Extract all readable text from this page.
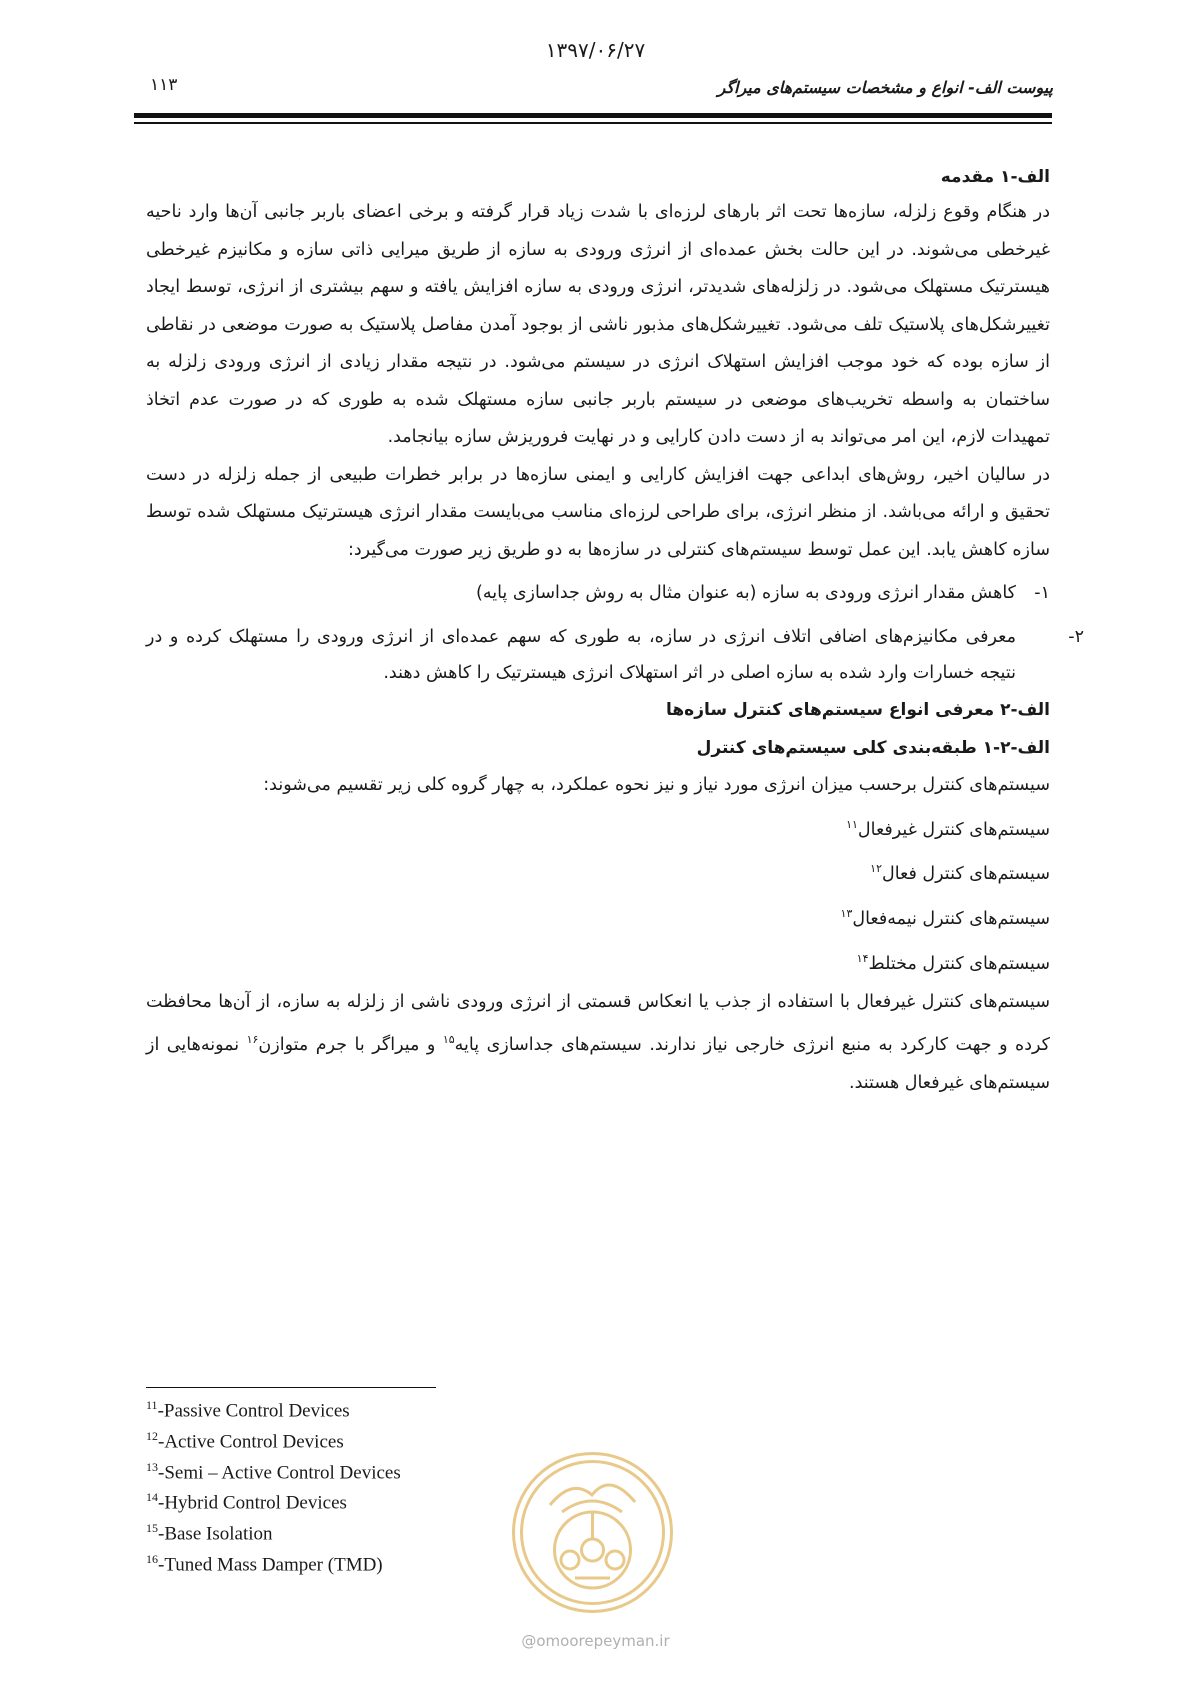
۱۳۹۷/۰۶/۲۷
۱۱۳	پیوست الف- انواع و مشخصات سیستم‌های میراگر

الف-۱ مقدمه

در هنگام وقوع زلزله، سازه‌ها تحت اثر بارهای لرزه‌ای با شدت زیاد قرار گرفته و برخی اعضای باربر جانبی آن‌ها وارد ناحیه غیرخطی می‌شوند. در این حالت بخش عمده‌ای از انرژی ورودی به سازه از طریق میرایی ذاتی سازه و مکانیزم غیرخطی هیسترتیک مستهلک می‌شود. در زلزله‌های شدیدتر، انرژی ورودی به سازه افزایش یافته و سهم بیشتری از انرژی، توسط ایجاد تغییرشکل‌های پلاستیک تلف می‌شود. تغییرشکل‌های مذبور ناشی از بوجود آمدن مفاصل پلاستیک به صورت موضعی در نقاطی از سازه بوده که خود موجب افزایش استهلاک انرژی در سیستم می‌شود. در نتیجه مقدار زیادی از انرژی ورودی زلزله به ساختمان به واسطه تخریب‌های موضعی در سیستم باربر جانبی سازه مستهلک شده به طوری که در صورت عدم اتخاذ تمهیدات لازم، این امر می‌تواند به از دست دادن کارایی و در نهایت فروریزش سازه بیانجامد.

در سالیان اخیر، روش‌های ابداعی جهت افزایش کارایی و ایمنی سازه‌ها در برابر خطرات طبیعی از جمله زلزله در دست تحقیق و ارائه می‌باشد. از منظر انرژی، برای طراحی لرزه‌ای مناسب می‌بایست مقدار انرژی هیسترتیک مستهلک شده توسط سازه کاهش یابد. این عمل توسط سیستم‌های کنترلی در سازه‌ها به دو طریق زیر صورت می‌گیرد:

۱-کاهش مقدار انرژی ورودی به سازه (به عنوان مثال به روش جداسازی پایه)

۲-معرفی مکانیزم‌های اضافی اتلاف انرژی در سازه، به طوری که سهم عمده‌ای از انرژی ورودی را مستهلک کرده و در نتیجه خسارات وارد شده به سازه اصلی در اثر استهلاک انرژی هیسترتیک را کاهش دهند.

الف-۲ معرفی انواع سیستم‌های کنترل سازه‌ها

الف-۲-۱ طبقه‌بندی کلی سیستم‌های کنترل

سیستم‌های کنترل برحسب میزان انرژی مورد نیاز و نیز نحوه عملکرد، به چهار گروه کلی زیر تقسیم می‌شوند:

سیستم‌های کنترل غیرفعال$^{۱۱}$

سیستم‌های کنترل فعال$^{۱۲}$

سیستم‌های کنترل نیمه‌فعال$^{۱۳}$

سیستم‌های کنترل مختلط$^{۱۴}$

سیستم‌های کنترل غیرفعال با استفاده از جذب یا انعکاس قسمتی از انرژی ورودی ناشی از زلزله به سازه، از آن‌ها محافظت کرده و جهت کارکرد به منبع انرژی خارجی نیاز ندارند. سیستم‌های جداسازی پایه$^{۱۵}$ و میراگر با جرم متوازن$^{۱۶}$ نمونه‌هایی از سیستم‌های غیرفعال هستند.

$^{11}$-Passive Control Devices
$^{12}$-Active Control Devices
$^{13}$-Semi – Active Control Devices
$^{14}$-Hybrid Control Devices
$^{15}$-Base Isolation
$^{16}$-Tuned Mass Damper (TMD)
@omoorepeyman.ir
